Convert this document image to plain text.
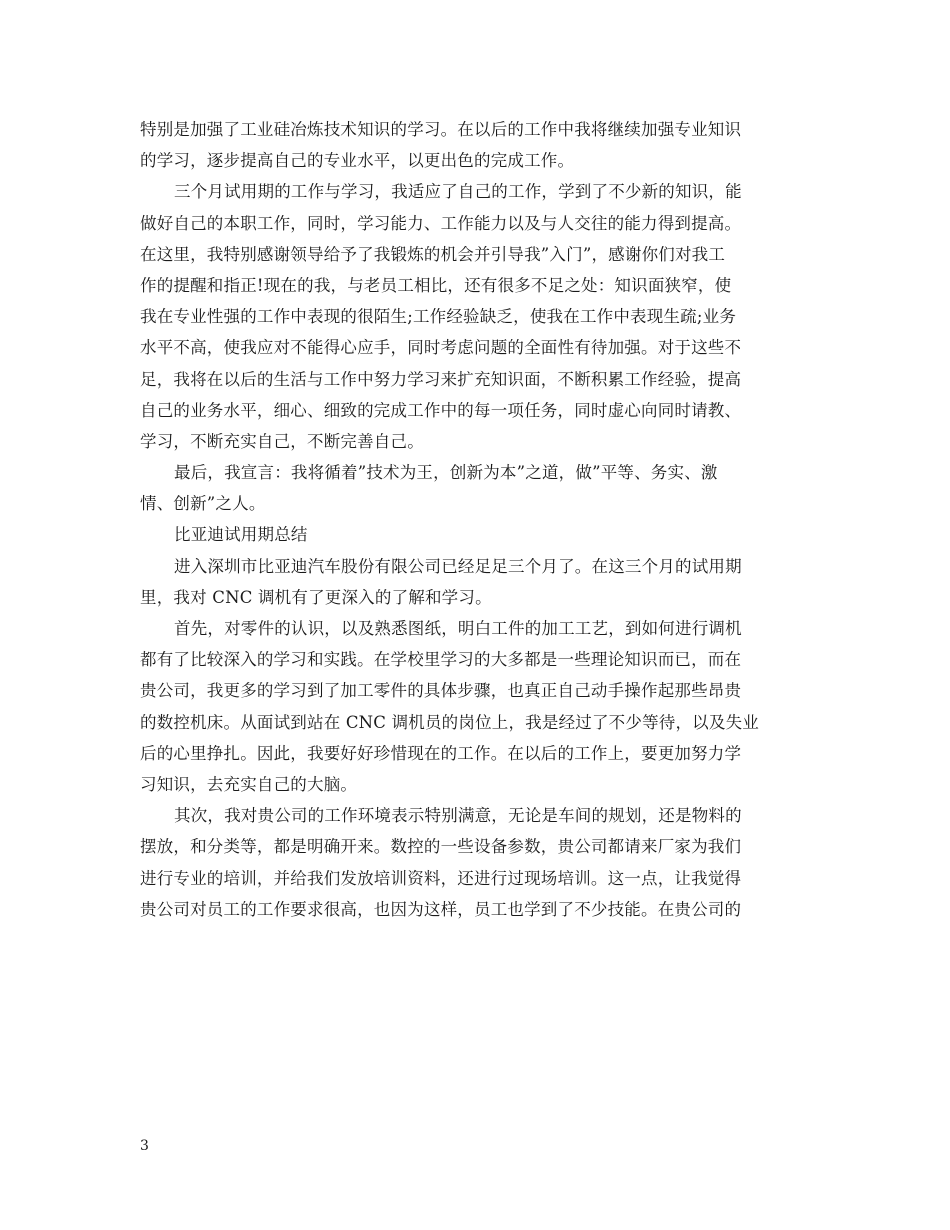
特别是加强了工业硅冶炼技术知识的学习。在以后的工作中我将继续加强专业知识
的学习，逐步提高自己的专业水平，以更出色的完成工作。

三个月试用期的工作与学习，我适应了自己的工作，学到了不少新的知识，能
做好自己的本职工作，同时，学习能力、工作能力以及与人交往的能力得到提高。
在这里，我特别感谢领导给予了我锻炼的机会并引导我”入门”，感谢你们对我工
作的提醒和指正!现在的我，与老员工相比，还有很多不足之处：知识面狭窄，使
我在专业性强的工作中表现的很陌生;工作经验缺乏，使我在工作中表现生疏;业务
水平不高，使我应对不能得心应手，同时考虑问题的全面性有待加强。对于这些不
足，我将在以后的生活与工作中努力学习来扩充知识面，不断积累工作经验，提高
自己的业务水平，细心、细致的完成工作中的每一项任务，同时虚心向同时请教、
学习，不断充实自己，不断完善自己。

最后，我宣言：我将循着”技术为王，创新为本”之道，做”平等、务实、激
情、创新”之人。

比亚迪试用期总结

进入深圳市比亚迪汽车股份有限公司已经足足三个月了。在这三个月的试用期
里，我对 CNC 调机有了更深入的了解和学习。

首先，对零件的认识，以及熟悉图纸，明白工件的加工工艺，到如何进行调机
都有了比较深入的学习和实践。在学校里学习的大多都是一些理论知识而已，而在
贵公司，我更多的学习到了加工零件的具体步骤，也真正自己动手操作起那些昂贵
的数控机床。从面试到站在 CNC 调机员的岗位上，我是经过了不少等待，以及失业
后的心里挣扎。因此，我要好好珍惜现在的工作。在以后的工作上，要更加努力学
习知识，去充实自己的大脑。

其次，我对贵公司的工作环境表示特别满意，无论是车间的规划，还是物料的
摆放，和分类等，都是明确开来。数控的一些设备参数，贵公司都请来厂家为我们
进行专业的培训，并给我们发放培训资料，还进行过现场培训。这一点，让我觉得
贵公司对员工的工作要求很高，也因为这样，员工也学到了不少技能。在贵公司的

3
